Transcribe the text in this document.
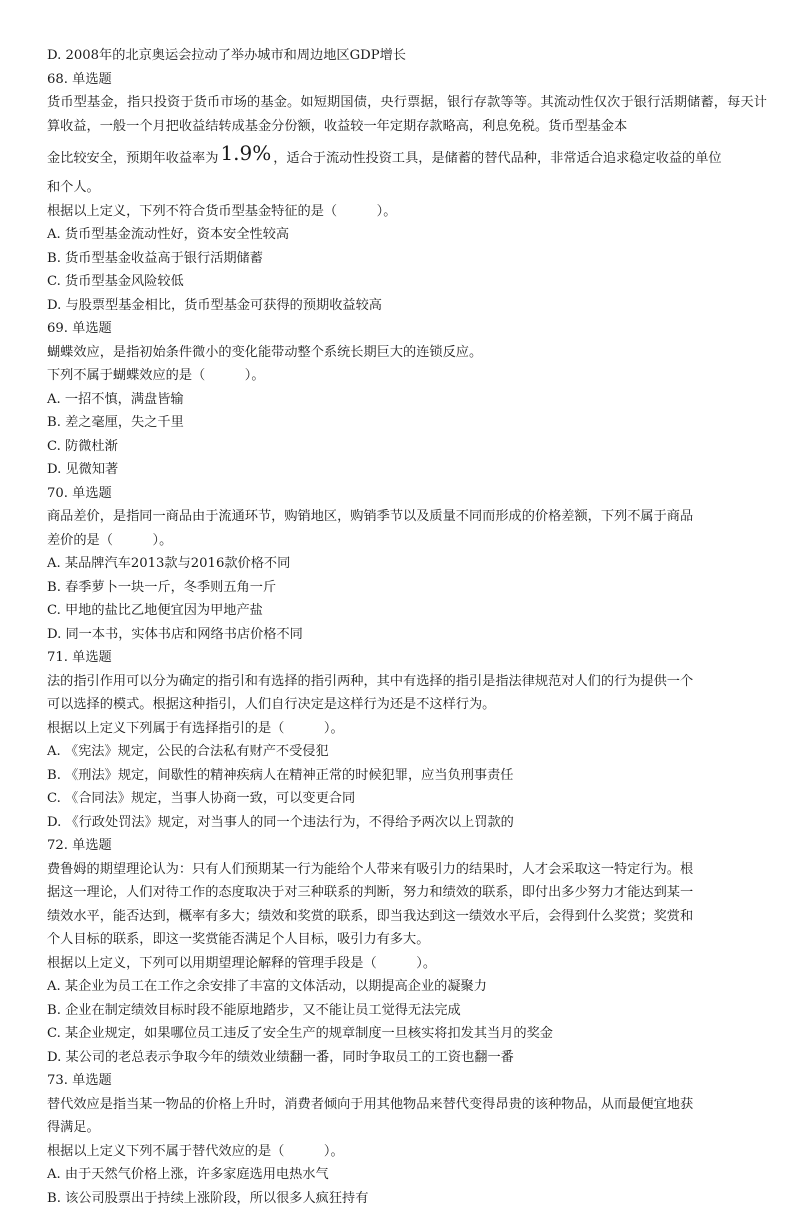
D. 2008年的北京奥运会拉动了举办城市和周边地区GDP增长
68. 单选题
货币型基金，指只投资于货币市场的基金。如短期国债，央行票据，银行存款等等。其流动性仅次于银行活期储蓄，每天计算收益，一般一个月把收益结转成基金分份额，收益较一年定期存款略高，利息免税。货币型基金本
金比较安全，预期年收益率为 1.9% ，适合于流动性投资工具，是储蓄的替代品种，非常适合追求稳定收益的单位
和个人。
根据以上定义，下列不符合货币型基金特征的是（　　　）。
A. 货币型基金流动性好，资本安全性较高
B. 货币型基金收益高于银行活期储蓄
C. 货币型基金风险较低
D. 与股票型基金相比，货币型基金可获得的预期收益较高
69. 单选题
蝴蝶效应，是指初始条件微小的变化能带动整个系统长期巨大的连锁反应。
下列不属于蝴蝶效应的是（　　　）。
A. 一招不慎，满盘皆输
B. 差之毫厘，失之千里
C. 防微杜渐
D. 见微知著
70. 单选题
商品差价，是指同一商品由于流通环节，购销地区，购销季节以及质量不同而形成的价格差额，下列不属于商品
差价的是（　　　）。
A. 某品牌汽车2013款与2016款价格不同
B. 春季萝卜一块一斤，冬季则五角一斤
C. 甲地的盐比乙地便宜因为甲地产盐
D. 同一本书，实体书店和网络书店价格不同
71. 单选题
法的指引作用可以分为确定的指引和有选择的指引两种，其中有选择的指引是指法律规范对人们的行为提供一个
可以选择的模式。根据这种指引，人们自行决定是这样行为还是不这样行为。
根据以上定义下列属于有选择指引的是（　　　）。
A. 《宪法》规定，公民的合法私有财产不受侵犯
B. 《刑法》规定，间歇性的精神疾病人在精神正常的时候犯罪，应当负刑事责任
C. 《合同法》规定，当事人协商一致，可以变更合同
D. 《行政处罚法》规定，对当事人的同一个违法行为，不得给予两次以上罚款的
72. 单选题
费鲁姆的期望理论认为：只有人们预期某一行为能给个人带来有吸引力的结果时，人才会采取这一特定行为。根
据这一理论，人们对待工作的态度取决于对三种联系的判断，努力和绩效的联系，即付出多少努力才能达到某一
绩效水平，能否达到，概率有多大；绩效和奖赏的联系，即当我达到这一绩效水平后，会得到什么奖赏；奖赏和
个人目标的联系，即这一奖赏能否满足个人目标，吸引力有多大。
根据以上定义，下列可以用期望理论解释的管理手段是（　　　）。
A. 某企业为员工在工作之余安排了丰富的文体活动，以期提高企业的凝聚力
B. 企业在制定绩效目标时段不能原地踏步，又不能让员工觉得无法完成
C. 某企业规定，如果哪位员工违反了安全生产的规章制度一旦核实将扣发其当月的奖金
D. 某公司的老总表示争取今年的绩效业绩翻一番，同时争取员工的工资也翻一番
73. 单选题
替代效应是指当某一物品的价格上升时，消费者倾向于用其他物品来替代变得昂贵的该种物品，从而最便宜地获
得满足。
根据以上定义下列不属于替代效应的是（　　　）。
A. 由于天然气价格上涨，许多家庭选用电热水气
B. 该公司股票出于持续上涨阶段，所以很多人疯狂持有
